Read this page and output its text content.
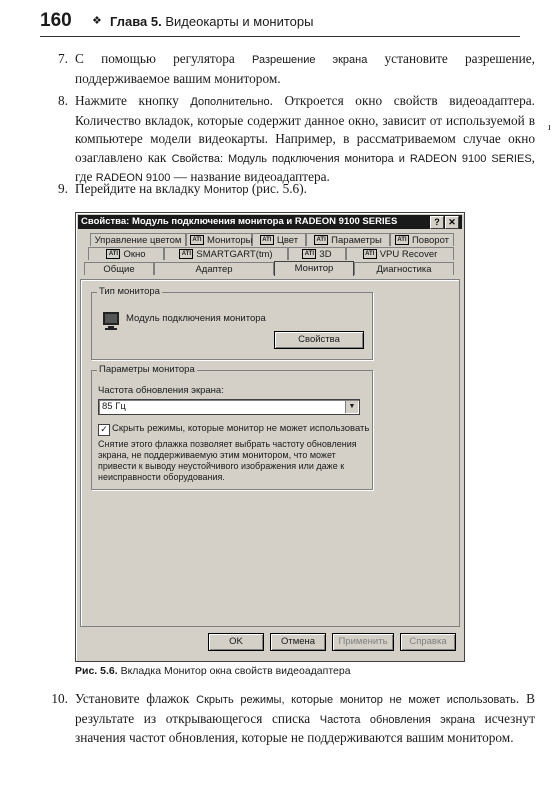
160 ❖ Глава 5. Видеокарты и мониторы
7. С помощью регулятора Разрешение экрана установите разрешение, поддерживаемое вашим монитором.
8. Нажмите кнопку Дополнительно. Откроется окно свойств видеоадаптера. Количество вкладок, которые содержит данное окно, зависит от используемой в компьютере модели видеокарты. Например, в рассматриваемом случае окно озаглавлено как Свойства: Модуль подключения монитора и RADEON 9100 SERIES, где RADEON 9100 — название видеоадаптера.
ı
9. Перейдите на вкладку Монитор (рис. 5.6).
Свойства: Модуль подключения монитора и RADEON 9100 SERIES	? ✕
Управление цветом	ATI Мониторы	ATI Цвет	ATI Параметры	ATI Поворот
ATI Окно	ATI SMARTGART(tm)	ATI 3D	ATI VPU Recover
Общие	Адаптер	Монитор	Диагностика
Тип монитора
Модуль подключения монитора
Свойства
Параметры монитора
Частота обновления экрана:
85 Гц	▼
✓ Скрыть режимы, которые монитор не может использовать
Снятие этого флажка позволяет выбрать частоту обновления экрана, не поддерживаемую этим монитором, что может привести к выводу неустойчивого изображения или даже к неисправности оборудования.
OK	Отмена	Применить	Справка
Рис. 5.6. Вкладка Монитор окна свойств видеоадаптера
10. Установите флажок Скрыть режимы, которые монитор не может использовать. В результате из открывающегося списка Частота обновления экрана исчезнут значения частот обновления, которые не поддерживаются вашим монитором.
